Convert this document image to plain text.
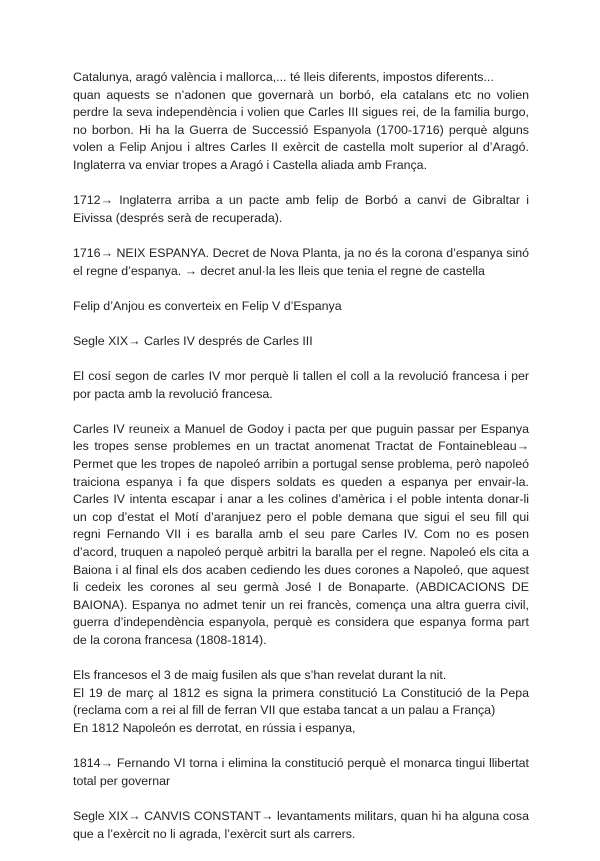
Catalunya, aragó valència i mallorca,... té lleis diferents, impostos diferents...
quan aquests se n’adonen que governarà un borbó, ela catalans etc no volien perdre la seva independència i volien que Carles III sigues rei, de la familia burgo, no borbon. Hi ha la Guerra de Successió Espanyola (1700-1716) perquè alguns volen a Felip Anjou i altres Carles II exèrcit de castella molt superior al d’Aragó. Inglaterra va enviar tropes a Aragó i Castella aliada amb França.

1712→ Inglaterra arriba a un pacte amb felip de Borbó a canvi de Gibraltar i Eivissa (després serà de recuperada).

1716→ NEIX ESPANYA. Decret de Nova Planta, ja no és la corona d’espanya sinó el regne d’espanya. → decret anul·la les lleis que tenia el regne de castella

Felip d’Anjou es converteix en Felip V d’Espanya

Segle XIX→ Carles IV després de Carles III

El cosí segon de carles IV mor perquè li tallen el coll a la revolució francesa i per por pacta amb la revolució francesa.

Carles IV reuneix a Manuel de Godoy i pacta per que puguin passar per Espanya les tropes sense problemes en un tractat anomenat Tractat de Fontainebleau→ Permet que les tropes de napoleó arribin a portugal sense problema, però napoleó traiciona espanya i fa que dispers soldats es queden a espanya per envair-la. Carles IV intenta escapar i anar a les colines d’amèrica i el poble intenta donar-li un cop d’estat el Motí d’aranjuez pero el poble demana que sigui el seu fill qui regni Fernando VII i es baralla amb el seu pare Carles IV. Com no es posen d’acord, truquen a napoleó perquè arbitri la baralla per el regne. Napoleó els cita a Baiona i al final els dos acaben cediendo les dues corones a Napoleó, que aquest li cedeix les corones al seu germà José I de Bonaparte. (ABDICACIONS DE BAIONA). Espanya no admet tenir un rei francès, comença una altra guerra civil, guerra d’independència espanyola, perquè es considera que espanya forma part de la corona francesa (1808-1814).

Els francesos el 3 de maig fusilen als que s’han revelat durant la nit.
El 19 de març al 1812 es signa la primera constitució La Constitució de la Pepa (reclama com a rei al fill de ferran VII que estaba tancat a un palau a França)
En 1812 Napoleón es derrotat, en rússia i espanya,

1814→ Fernando VI torna i elimina la constitució perquè el monarca tingui llibertat total per governar

Segle XIX→ CANVIS CONSTANT→ levantaments militars, quan hi ha alguna cosa que a l’exèrcit no li agrada, l’exèrcit surt als carrers.
